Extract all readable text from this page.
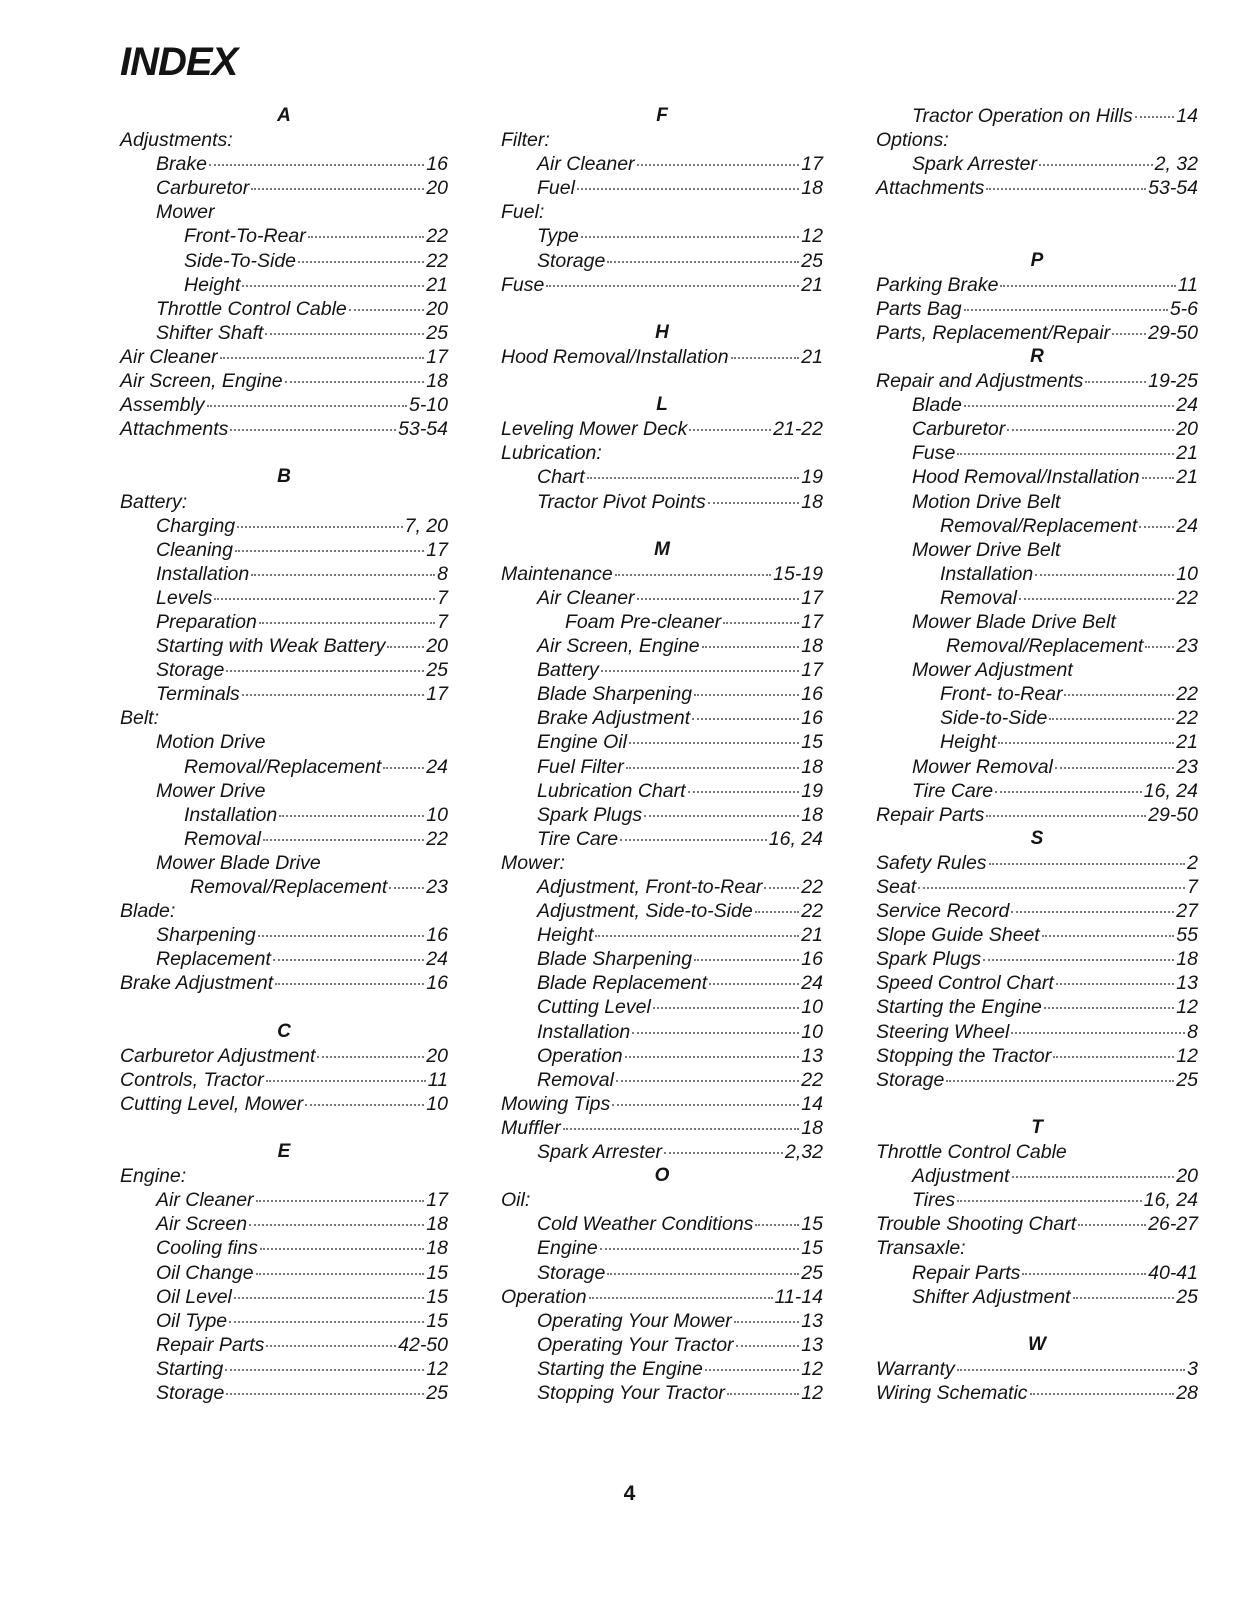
INDEX
A
Adjustments:
Brake	16
Carburetor	20
Mower
Front-To-Rear	22
Side-To-Side	22
Height	21
Throttle Control Cable	20
Shifter Shaft	25
Air Cleaner	17
Air Screen, Engine	18
Assembly	5-10
Attachments	53-54
B
Battery:
Charging	7, 20
Cleaning	17
Installation	8
Levels	7
Preparation	7
Starting with Weak Battery 20
Storage	25
Terminals	17
Belt:
Motion Drive
Removal/Replacement 24
Mower Drive
Installation	10
Removal	22
Mower Blade Drive
Removal/Replacement 23
Blade:
Sharpening	16
Replacement	24
Brake Adjustment	16
C
Carburetor Adjustment	20
Controls, Tractor	11
Cutting Level, Mower	10
E
Engine:
Air Cleaner	17
Air Screen	18
Cooling fins	18
Oil Change	15
Oil Level	15
Oil Type	15
Repair Parts	42-50
Starting	12
Storage	25
F
Filter:
Air Cleaner	17
Fuel	18
Fuel:
Type	12
Storage	25
Fuse	21
H
Hood Removal/Installation	21
L
Leveling Mower Deck	21-22
Lubrication:
Chart	19
Tractor Pivot Points	18
M
Maintenance	15-19
Air Cleaner	17
Foam Pre-cleaner	17
Air Screen, Engine	18
Battery	17
Blade Sharpening	16
Brake Adjustment	16
Engine Oil	15
Fuel Filter	18
Lubrication Chart	19
Spark Plugs	18
Tire Care	16, 24
Mower:
Adjustment, Front-to-Rear 22
Adjustment, Side-to-Side 22
Height	21
Blade Sharpening	16
Blade Replacement	24
Cutting Level	10
Installation	10
Operation	13
Removal	22
Mowing Tips	14
Muffler	18
Spark Arrester	2,32
O
Oil:
Cold Weather Conditions 15
Engine	15
Storage	25
Operation	11-14
Operating Your Mower	13
Operating Your Tractor	13
Starting the Engine	12
Stopping Your Tractor	12
Tractor Operation on Hills 14
Options:
Spark Arrester	2, 32
Attachments	53-54
P
Parking Brake	11
Parts Bag	5-6
Parts, Replacement/Repair 29-50
R
Repair and Adjustments	19-25
Blade	24
Carburetor	20
Fuse	21
Hood Removal/Installation 21
Motion Drive Belt
Removal/Replacement 24
Mower Drive Belt
Installation	10
Removal	22
Mower Blade Drive Belt
Removal/Replacement 23
Mower Adjustment
Front- to-Rear	22
Side-to-Side	22
Height	21
Mower Removal	23
Tire Care	16, 24
Repair Parts	29-50
S
Safety Rules	2
Seat	7
Service Record	27
Slope Guide Sheet	55
Spark Plugs	18
Speed Control Chart	13
Starting the Engine	12
Steering Wheel	8
Stopping the Tractor	12
Storage	25
T
Throttle Control Cable
Adjustment	20
Tires	16, 24
Trouble Shooting Chart	26-27
Transaxle:
Repair Parts	40-41
Shifter Adjustment	25
W
Warranty	3
Wiring Schematic	28

4
